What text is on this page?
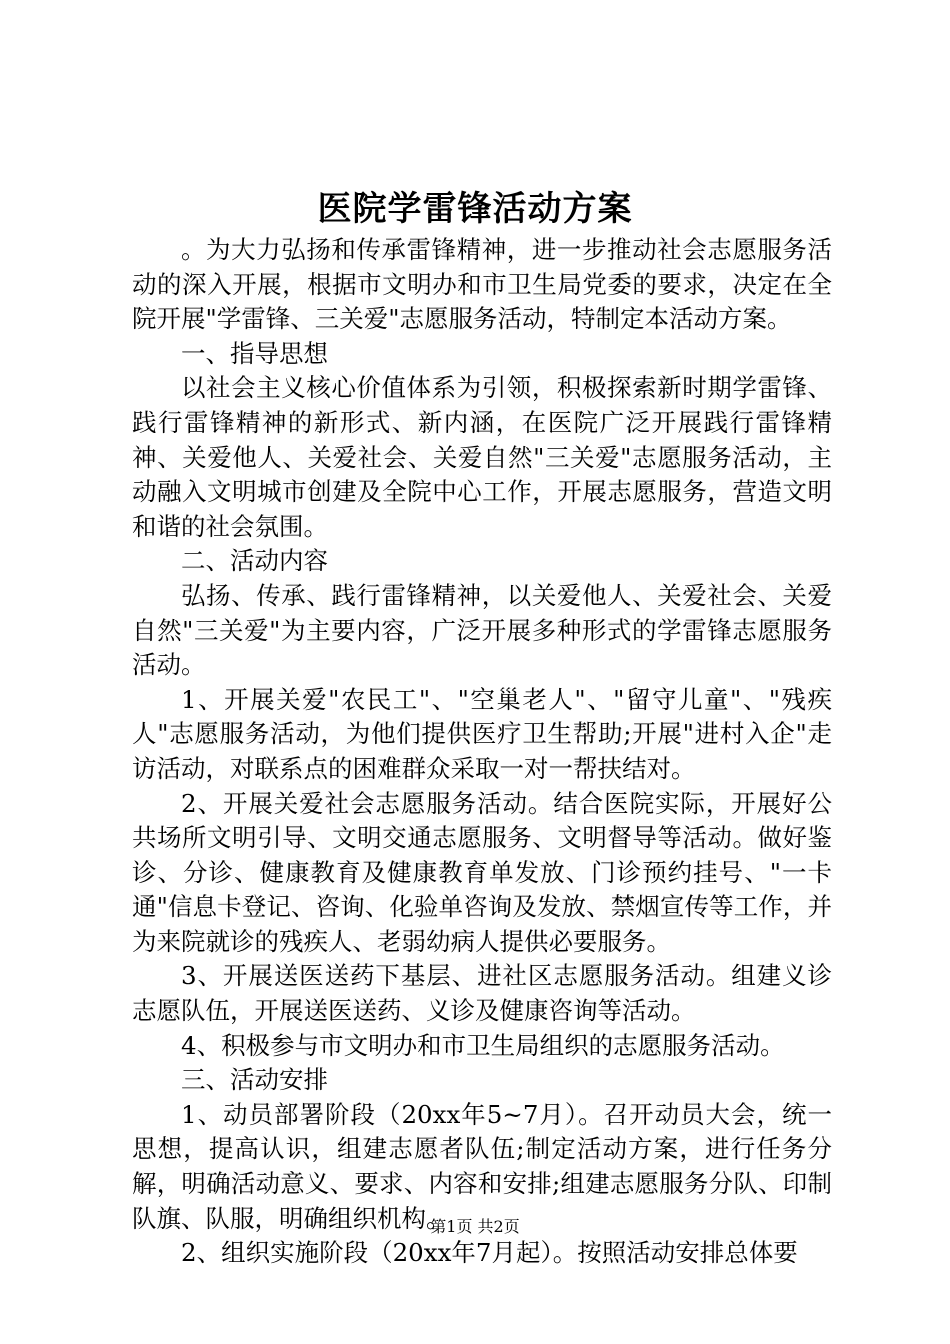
医院学雷锋活动方案

。为大力弘扬和传承雷锋精神，进一步推动社会志愿服务活动的深入开展，根据市文明办和市卫生局党委的要求，决定在全院开展"学雷锋、三关爱"志愿服务活动，特制定本活动方案。

一、指导思想

以社会主义核心价值体系为引领，积极探索新时期学雷锋、践行雷锋精神的新形式、新内涵，在医院广泛开展践行雷锋精神、关爱他人、关爱社会、关爱自然"三关爱"志愿服务活动，主动融入文明城市创建及全院中心工作，开展志愿服务，营造文明和谐的社会氛围。

二、活动内容

弘扬、传承、践行雷锋精神，以关爱他人、关爱社会、关爱自然"三关爱"为主要内容，广泛开展多种形式的学雷锋志愿服务活动。

1、开展关爱"农民工"、"空巢老人"、"留守儿童"、"残疾人"志愿服务活动，为他们提供医疗卫生帮助;开展"进村入企"走访活动，对联系点的困难群众采取一对一帮扶结对。

2、开展关爱社会志愿服务活动。结合医院实际，开展好公共场所文明引导、文明交通志愿服务、文明督导等活动。做好鉴诊、分诊、健康教育及健康教育单发放、门诊预约挂号、"一卡通"信息卡登记、咨询、化验单咨询及发放、禁烟宣传等工作，并为来院就诊的残疾人、老弱幼病人提供必要服务。

3、开展送医送药下基层、进社区志愿服务活动。组建义诊志愿队伍，开展送医送药、义诊及健康咨询等活动。

4、积极参与市文明办和市卫生局组织的志愿服务活动。

三、活动安排

1、动员部署阶段（20xx年5~7月）。召开动员大会，统一思想，提高认识，组建志愿者队伍;制定活动方案，进行任务分解，明确活动意义、要求、内容和安排;组建志愿服务分队、印制队旗、队服，明确组织机构。

2、组织实施阶段（20xx年7月起）。按照活动安排总体要

第1页 共2页
